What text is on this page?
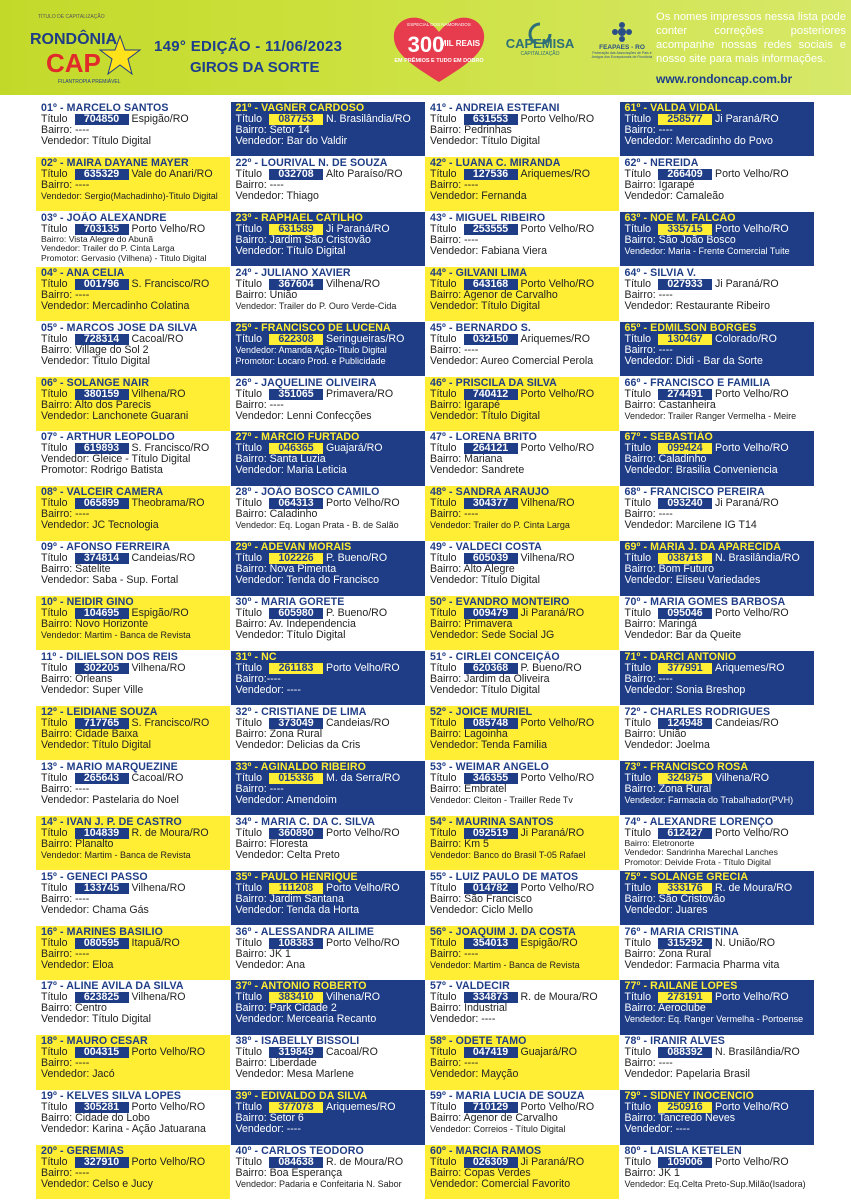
TÍTULO DE CAPITALIZAÇÃO
RONDÔNIA
CAP
FILANTROPIA PREMIÁVEL
149° EDIÇÃO - 11/06/2023
GIROS DA SORTE
ESPECIAL DOS NAMORADOS
300
MIL REAIS
EM PRÊMIOS E TUDO EM DOBRO
CAPEMISA
CAPITALIZAÇÃO
FEAPAES - RO
Federação das Associações de Pais e Amigos dos Excepcionais de Rondônia
Os nomes impressos nessa lista pode conter correções posteriores acompanhe nossas redes sociais e nosso site para mais informações.
www.rondoncap.com.br
01º - MARCELO SANTOS
Título 704850 Espigão/RO
Bairro: ----
Vendedor: Título Digital
02º - MAIRA DAYANE MAYER
Título 635329 Vale do Anari/RO
Bairro: ----
Vendedor: Sergio(Machadinho)-Titulo Digital
03º - JOÃO ALEXANDRE
Título 703135 Porto Velho/RO
Bairro: Vista Alegre do Abunã
Vendedor: Trailer do P. Cinta Larga
Promotor: Gervasio (Vilhena) - Titulo Digital
04º - ANA CELIA
Título 001796 S. Francisco/RO
Bairro: ----
Vendedor: Mercadinho Colatina
05º - MARCOS JOSE DA SILVA
Título 728314 Cacoal/RO
Bairro: Village do Sol 2
Vendedor: Titulo Digital
06º - SOLANGE NAIR
Título 380159 Vilhena/RO
Bairro: Alto dos Parecis
Vendedor: Lanchonete Guarani
07º - ARTHUR LEOPOLDO
Título 619893 S. Francisco/RO
Vendedor: Gleice - Título Digital
Promotor: Rodrigo Batista
08º - VALCEIR CAMERA
Título 065899 Theobrama/RO
Bairro: ----
Vendedor: JC Tecnologia
09º - AFONSO FERREIRA
Título 374814 Candeias/RO
Bairro: Satelite
Vendedor: Saba - Sup. Fortal
10º - NEIDIR GINO
Título 104695 Espigão/RO
Bairro: Novo Horizonte
Vendedor: Martim - Banca de Revista
11º - DILIELSON DOS REIS
Título 302205 Vilhena/RO
Bairro: Orleans
Vendedor: Super Ville
12º - LEIDIANE SOUZA
Título 717765 S. Francisco/RO
Bairro: Cidade Baixa
Vendedor: Título Digital
13º - MARIO MARQUEZINE
Título 265643 Cacoal/RO
Bairro: ----
Vendedor: Pastelaria do Noel
14º - IVAN J. P. DE CASTRO
Título 104839 R. de Moura/RO
Bairro: Planalto
Vendedor: Martim - Banca de Revista
15º - GENECI PASSO
Título 133745 Vilhena/RO
Bairro: ----
Vendedor: Chama Gás
16º - MARINES BASILIO
Título 080595 Itapuã/RO
Bairro: ----
Vendedor: Eloa
17º - ALINE AVILA DA SILVA
Título 623825 Vilhena/RO
Bairro: Centro
Vendedor: Título Digital
18º - MAURO CESAR
Título 004315 Porto Velho/RO
Bairro: ----
Vendedor: Jacó
19º - KELVES SILVA LOPES
Título 305281 Porto Velho/RO
Bairro: Cidade do Lobo
Vendedor: Karina - Ação Jatuarana
20º - GEREMIAS
Título 327910 Porto Velho/RO
Bairro: ----
Vendedor: Celso e Jucy
21º - VAGNER CARDOSO
Título 087753 N. Brasilândia/RO
Bairro: Setor 14
Vendedor: Bar do Valdir
22º - LOURIVAL N. DE SOUZA
Título 032708 Alto Paraíso/RO
Bairro: ----
Vendedor: Thiago
23º - RAPHAEL CATILHO
Título 631589 Ji Paraná/RO
Bairro: Jardim São Cristovão
Vendedor: Título Digital
24º - JULIANO XAVIER
Título 367604 Vilhena/RO
Bairro: União
Vendedor: Trailer do P. Ouro Verde-Cida
25º - FRANCISCO DE LUCENA
Título 622308 Seringueiras/RO
Vendedor: Amanda Ação-Titulo Digital
Promotor: Locaro Prod. e Publicidade
26º - JAQUELINE OLIVEIRA
Título 351065 Primavera/RO
Bairro: ----
Vendedor: Lenni Confecções
27º - MARCIO FURTADO
Título 046365 Guajará/RO
Bairro: Santa Luzia
Vendedor: Maria Leticia
28º - JOÃO BOSCO CAMILO
Título 064313 Porto Velho/RO
Bairro: Caladinho
Vendedor: Eq. Logan Prata - B. de Salão
29º - ADEVAN MORAIS
Título 102226 P. Bueno/RO
Bairro: Nova Pimenta
Vendedor: Tenda do Francisco
30º - MARIA GORETE
Título 605980 P. Bueno/RO
Bairro: Av. Independencia
Vendedor: Título Digital
31º - NC
Título 261183 Porto Velho/RO
Bairro:----
Vendedor: ----
32º - CRISTIANE DE LIMA
Título 373049 Candeias/RO
Bairro: Zona Rural
Vendedor: Delicias da Cris
33º - AGINALDO RIBEIRO
Título 015336 M. da Serra/RO
Bairro: ----
Vendedor: Amendoim
34º - MARIA C. DA C. SILVA
Título 360890 Porto Velho/RO
Bairro: Floresta
Vendedor: Celta Preto
35º - PAULO HENRIQUE
Título 111208 Porto Velho/RO
Bairro: Jardim Santana
Vendedor: Tenda da Horta
36º - ALESSANDRA AILIME
Título 108383 Porto Velho/RO
Bairro: JK 1
Vendedor: Ana
37º - ANTONIO ROBERTO
Título 383410 Vilhena/RO
Bairro: Park Cidade 2
Vendedor: Mercearia Recanto
38º - ISABELLY BISSOLI
Título 319849 Cacoal/RO
Bairro: Liberdade
Vendedor: Mesa Marlene
39º - EDIVALDO DA SILVA
Título 377073 Ariquemes/RO
Bairro: Setor 6
Vendedor: ----
40º - CARLOS TEODORO
Título 084638 R. de Moura/RO
Bairro: Boa Esperança
Vendedor: Padaria e Confeitaria N. Sabor
41º - ANDREIA ESTEFANI
Título 631553 Porto Velho/RO
Bairro: Pedrinhas
Vendedor: Título Digital
42º - LUANA C. MIRANDA
Título 127536 Ariquemes/RO
Bairro: ----
Vendedor: Fernanda
43º - MIGUEL RIBEIRO
Título 253555 Porto Velho/RO
Bairro: ----
Vendedor: Fabiana Viera
44º - GILVANI LIMA
Título 643168 Porto Velho/RO
Bairro: Agenor de Carvalho
Vendedor: Título Digital
45º - BERNARDO S.
Título 032150 Ariquemes/RO
Bairro: ----
Vendedor: Aureo Comercial Perola
46º - PRISCILA DA SILVA
Título 740412 Porto Velho/RO
Bairro: Igarapé
Vendedor: Título Digital
47º - LORENA BRITO
Título 264121 Porto Velho/RO
Bairro: Mariana
Vendedor: Sandrete
48º - SANDRA ARAUJO
Título 304377 Vilhena/RO
Bairro: ----
Vendedor: Trailer do P. Cinta Larga
49º - VALDECI COSTA
Título 605039 Vilhena/RO
Bairro: Alto Alegre
Vendedor: Título Digital
50º - EVANDRO MONTEIRO
Título 009479 Ji Paraná/RO
Bairro: Primavera
Vendedor: Sede Social JG
51º - CIRLEI CONCEIÇÃO
Título 620368 P. Bueno/RO
Bairro: Jardim da Oliveira
Vendedor: Título Digital
52º - JOICE MURIEL
Título 085748 Porto Velho/RO
Bairro: Lagoinha
Vendedor: Tenda Familia
53º - WEIMAR ANGELO
Título 346355 Porto Velho/RO
Bairro: Embratel
Vendedor: Cleiton - Trailler Rede Tv
54º - MAURINA SANTOS
Título 092519 Ji Paraná/RO
Bairro: Km 5
Vendedor: Banco do Brasil T-05 Rafael
55º - LUIZ PAULO DE MATOS
Título 014782 Porto Velho/RO
Bairro: São Francisco
Vendedor: Ciclo Mello
56º - JOAQUIM J. DA COSTA
Título 354013 Espigão/RO
Bairro: ----
Vendedor: Martim - Banca de Revista
57º - VALDECIR
Título 334873 R. de Moura/RO
Bairro: Industrial
Vendedor: ----
58º - ODETE TAMO
Título 047419 Guajará/RO
Bairro: ----
Vendedor: Mayção
59º - MARIA LUCIA DE SOUZA
Título 710129 Porto Velho/RO
Bairro: Agenor de Carvalho
Vendedor: Correios - Título Digital
60º - MARCIA RAMOS
Título 026309 Ji Paraná/RO
Bairro: Copas Verdes
Vendedor: Comercial Favorito
61º - VALDA VIDAL
Título 258577 Ji Paraná/RO
Bairro: ----
Vendedor: Mercadinho do Povo
62º - NEREIDA
Título 266409 Porto Velho/RO
Bairro: Igarapé
Vendedor: Camaleão
63º - NOE M. FALCÃO
Título 335715 Porto Velho/RO
Bairro: São João Bosco
Vendedor: Maria - Frente Comercial Tuite
64º - SILVIA V.
Título 027933 Ji Paraná/RO
Bairro: ----
Vendedor: Restaurante Ribeiro
65º - EDMILSON BORGES
Título 130467 Colorado/RO
Bairro: ----
Vendedor: Didi - Bar da Sorte
66º - FRANCISCO E FAMILIA
Título 274491 Porto Velho/RO
Bairro: Castanheira
Vendedor: Trailer Ranger Vermelha - Meire
67º - SEBASTIÃO
Título 099424 Porto Velho/RO
Bairro: Caladinho
Vendedor: Brasilia Conveniencia
68º - FRANCISCO PEREIRA
Título 093240 Ji Paraná/RO
Bairro: ----
Vendedor: Marcilene IG T14
69º - MARIA J. DA APARECIDA
Título 038713 N. Brasilândia/RO
Bairro: Bom Futuro
Vendedor: Eliseu Variedades
70º - MARIA GOMES BARBOSA
Título 095046 Porto Velho/RO
Bairro: Maringá
Vendedor: Bar da Queite
71º - DARCI ANTONIO
Título 377991 Ariquemes/RO
Bairro: ----
Vendedor: Sonia Breshop
72º - CHARLES RODRIGUES
Título 124948 Candeias/RO
Bairro: União
Vendedor: Joelma
73º - FRANCISCO ROSA
Título 324875 Vilhena/RO
Bairro: Zona Rural
Vendedor: Farmacia do Trabalhador(PVH)
74º - ALEXANDRE LORENÇO
Título 612427 Porto Velho/RO
Bairro: Eletronorte
Vendedor: Sandrinha Marechal Lanches
Promotor: Deivide Frota - Título Digital
75º - SOLANGE GRECIA
Título 333176 R. de Moura/RO
Bairro: São Cristovão
Vendedor: Juares
76º - MARIA CRISTINA
Título 315292 N. União/RO
Bairro: Zona Rural
Vendedor: Farmacia Pharma vita
77º - RAILANE LOPES
Título 273191 Porto Velho/RO
Bairro: Aeroclube
Vendedor: Eq. Ranger Vermelha - Portoense
78º - IRANIR ALVES
Título 088392 N. Brasilândia/RO
Bairro: ----
Vendedor: Papelaria Brasil
79º - SIDNEY INOCENCIO
Título 250916 Porto Velho/RO
Bairro: Tancredo Neves
Vendedor: ----
80º - LAISLA KETELEN
Título 109006 Porto Velho/RO
Bairro: JK 1
Vendedor: Eq.Celta Preto-Sup.Milão(Isadora)
